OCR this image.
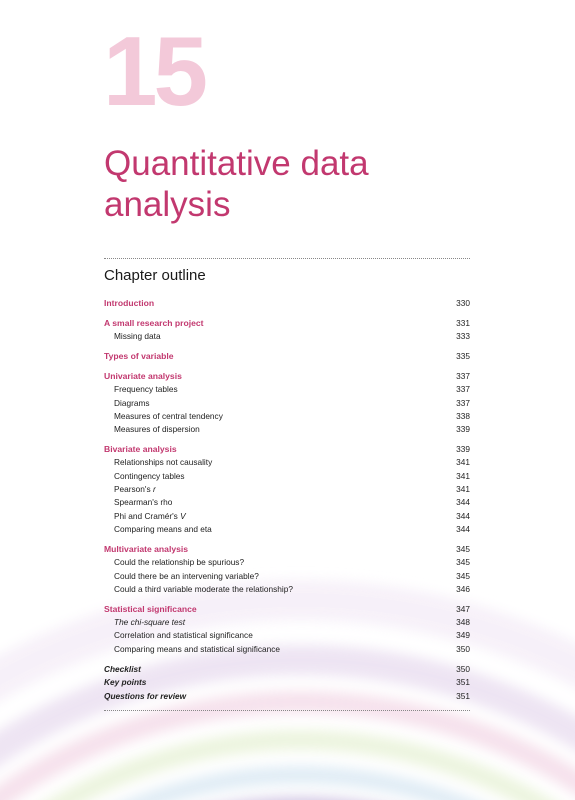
15
Quantitative data analysis
Chapter outline
Introduction	330
A small research project	331
Missing data	333
Types of variable	335
Univariate analysis	337
Frequency tables	337
Diagrams	337
Measures of central tendency	338
Measures of dispersion	339
Bivariate analysis	339
Relationships not causality	341
Contingency tables	341
Pearson's r	341
Spearman's rho	344
Phi and Cramér's V	344
Comparing means and eta	344
Multivariate analysis	345
Could the relationship be spurious?	345
Could there be an intervening variable?	345
Could a third variable moderate the relationship?	346
Statistical significance	347
The chi-square test	348
Correlation and statistical significance	349
Comparing means and statistical significance	350
Checklist	350
Key points	351
Questions for review	351
